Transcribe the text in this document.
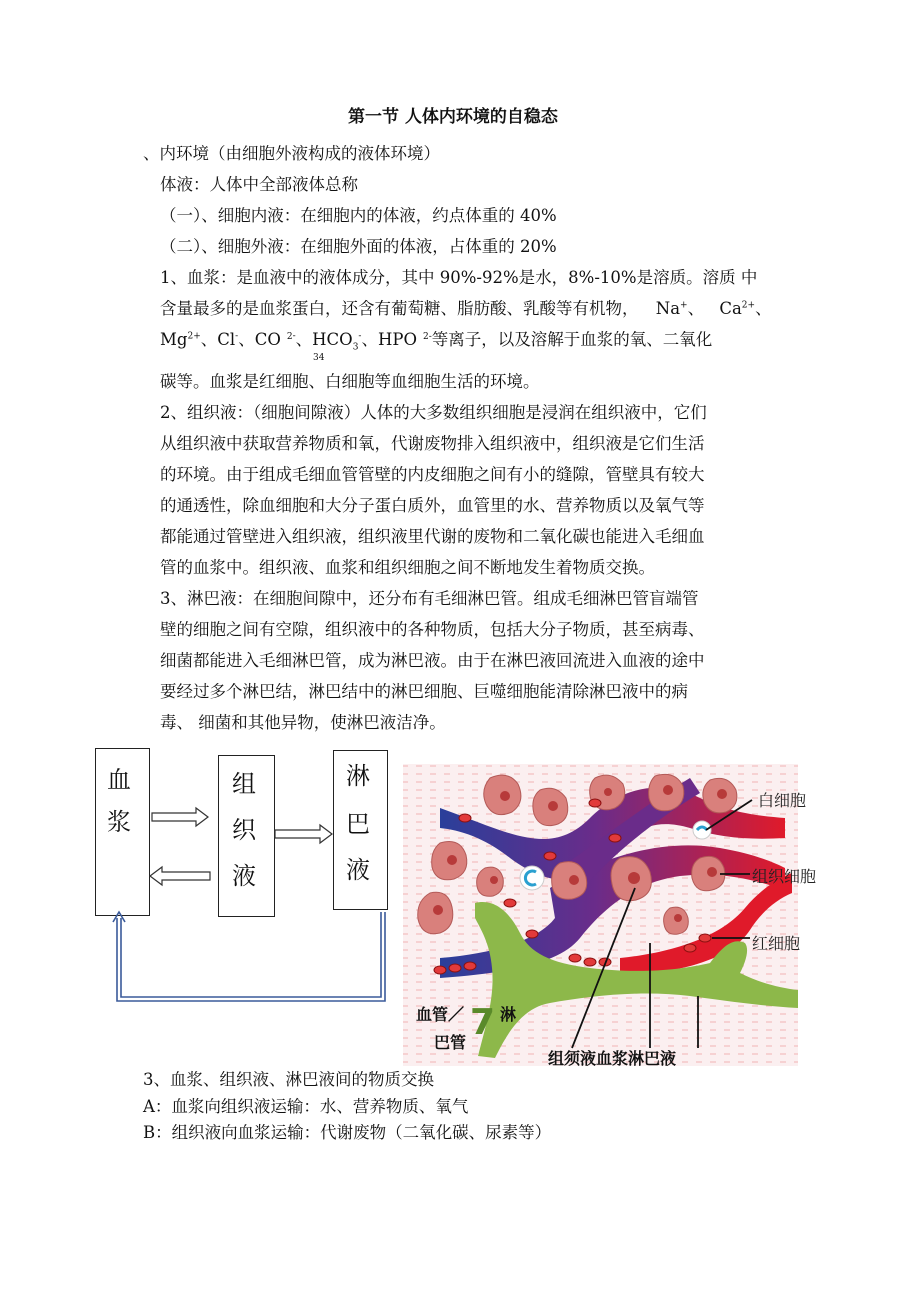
第一节 人体内环境的自稳态
、内环境（由细胞外液构成的液体环境）
体液：人体中全部液体总称
（一）、细胞内液：在细胞内的体液，约点体重的 40%
（二）、细胞外液：在细胞外面的体液，占体重的 20%
1、血浆：是血液中的液体成分，其中 90%-92%是水，8%-10%是溶质。溶质 中
含量最多的是血浆蛋白，还含有葡萄糖、脂肪酸、乳酸等有机物， Na+、 $Ca^{2+}$、
$Mg^{2+}$、Cl-、CO $^{2-}$、$HCO_3^-$、HPO $^{2-}$等离子，以及溶解于血浆的氧、二氧化
34
碳等。血浆是红细胞、白细胞等血细胞生活的环境。
2、组织液：（细胞间隙液）人体的大多数组织细胞是浸润在组织液中，它们
从组织液中获取营养物质和氧，代谢废物排入组织液中，组织液是它们生活
的环境。由于组成毛细血管管壁的内皮细胞之间有小的缝隙，管壁具有较大
的通透性，除血细胞和大分子蛋白质外，血管里的水、营养物质以及氧气等
都能通过管壁进入组织液，组织液里代谢的废物和二氧化碳也能进入毛细血
管的血浆中。组织液、血浆和组织细胞之间不断地发生着物质交换。
3、淋巴液：在细胞间隙中，还分布有毛细淋巴管。组成毛细淋巴管盲端管
壁的细胞之间有空隙，组织液中的各种物质，包括大分子物质，甚至病毒、
细菌都能进入毛细淋巴管，成为淋巴液。由于在淋巴液回流进入血液的途中
要经过多个淋巴结，淋巴结中的淋巴细胞、巨噬细胞能清除淋巴液中的病
毒、 细菌和其他异物，使淋巴液洁净。
血
浆
组
织
液
淋
巴
液
白细胞
组织细胞
红细胞
血管／ 淋
巴管 7
组须液血浆淋巴液
3、血浆、组织液、淋巴液间的物质交换
A：血浆向组织液运输：水、营养物质、氧气
B：组织液向血浆运输：代谢废物（二氧化碳、尿素等）
